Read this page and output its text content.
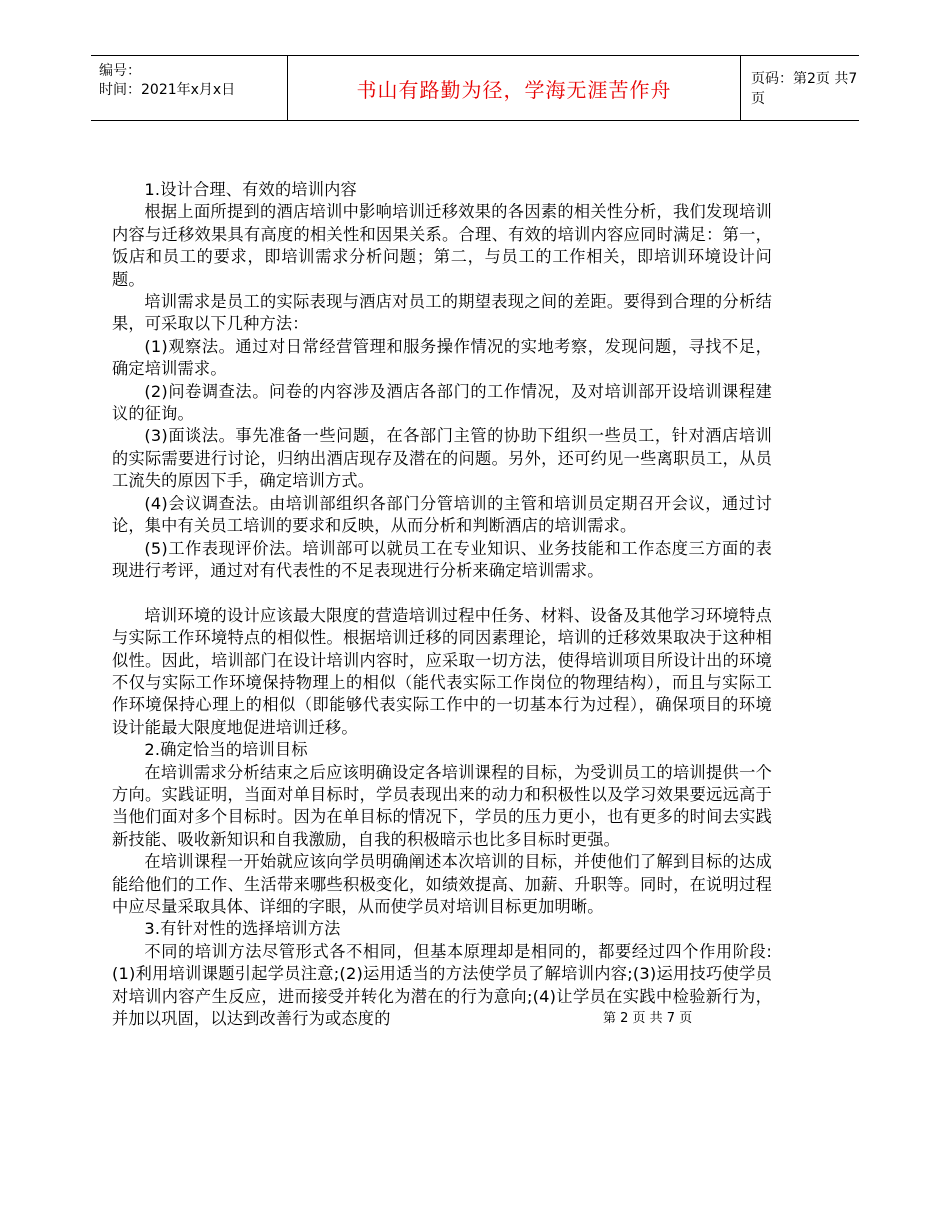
编号：
时间：2021年x月x日	书山有路勤为径，学海无涯苦作舟	页码：第2页 共7页

1.设计合理、有效的培训内容

根据上面所提到的酒店培训中影响培训迁移效果的各因素的相关性分析，我们发现培训内容与迁移效果具有高度的相关性和因果关系。合理、有效的培训内容应同时满足：第一，饭店和员工的要求，即培训需求分析问题；第二，与员工的工作相关，即培训环境设计问题。

培训需求是员工的实际表现与酒店对员工的期望表现之间的差距。要得到合理的分析结果，可采取以下几种方法：

(1)观察法。通过对日常经营管理和服务操作情况的实地考察，发现问题，寻找不足，确定培训需求。

(2)问卷调查法。问卷的内容涉及酒店各部门的工作情况，及对培训部开设培训课程建议的征询。

(3)面谈法。事先准备一些问题，在各部门主管的协助下组织一些员工，针对酒店培训的实际需要进行讨论，归纳出酒店现存及潜在的问题。另外，还可约见一些离职员工，从员工流失的原因下手，确定培训方式。

(4)会议调查法。由培训部组织各部门分管培训的主管和培训员定期召开会议，通过讨论，集中有关员工培训的要求和反映，从而分析和判断酒店的培训需求。

(5)工作表现评价法。培训部可以就员工在专业知识、业务技能和工作态度三方面的表现进行考评，通过对有代表性的不足表现进行分析来确定培训需求。

培训环境的设计应该最大限度的营造培训过程中任务、材料、设备及其他学习环境特点与实际工作环境特点的相似性。根据培训迁移的同因素理论，培训的迁移效果取决于这种相似性。因此，培训部门在设计培训内容时，应采取一切方法，使得培训项目所设计出的环境不仅与实际工作环境保持物理上的相似（能代表实际工作岗位的物理结构），而且与实际工作环境保持心理上的相似（即能够代表实际工作中的一切基本行为过程），确保项目的环境设计能最大限度地促进培训迁移。

2.确定恰当的培训目标

在培训需求分析结束之后应该明确设定各培训课程的目标，为受训员工的培训提供一个方向。实践证明，当面对单目标时，学员表现出来的动力和积极性以及学习效果要远远高于当他们面对多个目标时。因为在单目标的情况下，学员的压力更小，也有更多的时间去实践新技能、吸收新知识和自我激励，自我的积极暗示也比多目标时更强。

在培训课程一开始就应该向学员明确阐述本次培训的目标，并使他们了解到目标的达成能给他们的工作、生活带来哪些积极变化，如绩效提高、加薪、升职等。同时，在说明过程中应尽量采取具体、详细的字眼，从而使学员对培训目标更加明晰。

3.有针对性的选择培训方法

不同的培训方法尽管形式各不相同，但基本原理却是相同的，都要经过四个作用阶段:(1)利用培训课题引起学员注意;(2)运用适当的方法使学员了解培训内容;(3)运用技巧使学员对培训内容产生反应，进而接受并转化为潜在的行为意向;(4)让学员在实践中检验新行为，并加以巩固，以达到改善行为或态度的	第 2 页 共 7 页
